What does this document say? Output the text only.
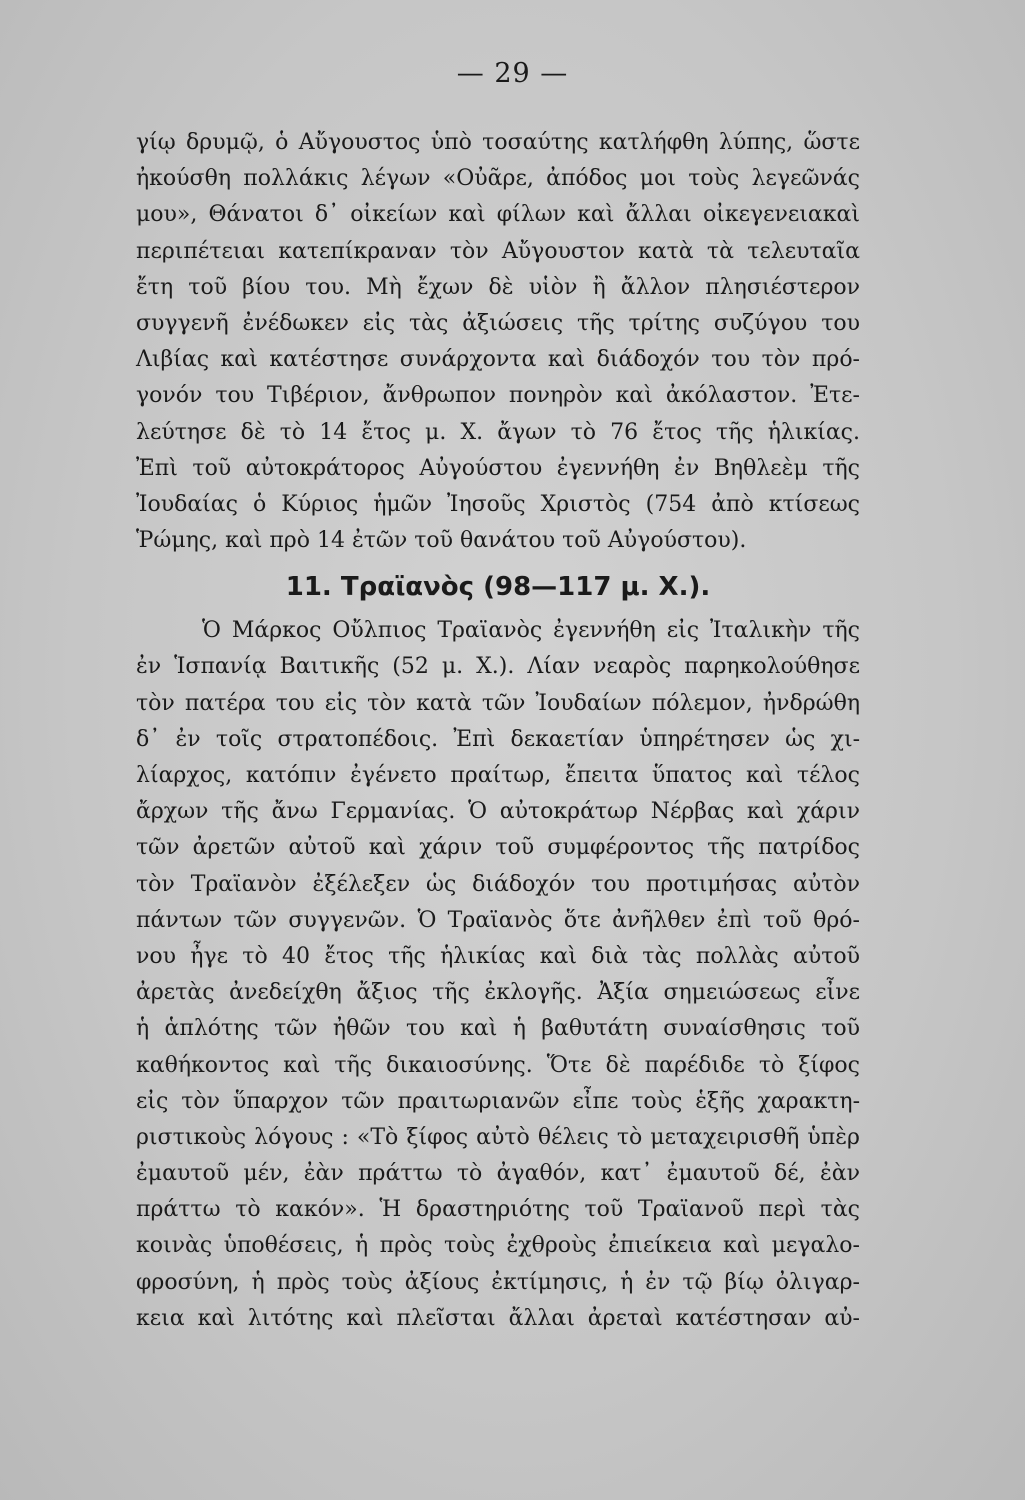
— 29 —
γίῳ δρυμῷ, ὁ Αὔγουστος ὑπὸ τοσαύτης κατλήφθη λύπης, ὥστε
ἠκούσθη πολλάκις λέγων «Οὐᾶρε, ἀπόδος μοι τοὺς λεγεῶνάς
μου», Θάνατοι δ᾽ οἰκείων καὶ φίλων καὶ ἄλλαι οἰκεγενειακαὶ
περιπέτειαι κατεπίκραναν τὸν Αὔγουστον κατὰ τὰ τελευταῖα
ἔτη τοῦ βίου του. Μὴ ἔχων δὲ υἱὸν ἢ ἄλλον πλησιέστερον
συγγενῆ ἐνέδωκεν εἰς τὰς ἀξιώσεις τῆς τρίτης συζύγου του
Λιβίας καὶ κατέστησε συνάρχοντα καὶ διάδοχόν του τὸν πρό-
γονόν του Τιβέριον, ἄνθρωπον πονηρὸν καὶ ἀκόλαστον. Ἐτε-
λεύτησε δὲ τὸ 14 ἔτος μ. Χ. ἄγων τὸ 76 ἔτος τῆς ἡλικίας.
Ἐπὶ τοῦ αὐτοκράτορος Αὐγούστου ἐγεννήθη ἐν Βηθλεὲμ τῆς
Ἰουδαίας ὁ Κύριος ἡμῶν Ἰησοῦς Χριστὸς (754 ἀπὸ κτίσεως
Ῥώμης, καὶ πρὸ 14 ἐτῶν τοῦ θανάτου τοῦ Αὐγούστου).
11. Τραϊανὸς (98—117 μ. Χ.).
Ὁ Μάρκος Οὔλπιος Τραϊανὸς ἐγεννήθη εἰς Ἰταλικὴν τῆς
ἐν Ἱσπανίᾳ Βαιτικῆς (52 μ. Χ.). Λίαν νεαρὸς παρηκολούθησε
τὸν πατέρα του εἰς τὸν κατὰ τῶν Ἰουδαίων πόλεμον, ἠνδρώθη
δ᾽ ἐν τοῖς στρατοπέδοις. Ἐπὶ δεκαετίαν ὑπηρέτησεν ὡς χι-
λίαρχος, κατόπιν ἐγένετο πραίτωρ, ἔπειτα ὕπατος καὶ τέλος
ἄρχων τῆς ἄνω Γερμανίας. Ὁ αὐτοκράτωρ Νέρβας καὶ χάριν
τῶν ἀρετῶν αὐτοῦ καὶ χάριν τοῦ συμφέροντος τῆς πατρίδος
τὸν Τραϊανὸν ἐξέλεξεν ὡς διάδοχόν του προτιμήσας αὐτὸν
πάντων τῶν συγγενῶν. Ὁ Τραϊανὸς ὅτε ἀνῆλθεν ἐπὶ τοῦ θρό-
νου ἦγε τὸ 40 ἔτος τῆς ἡλικίας καὶ διὰ τὰς πολλὰς αὐτοῦ
ἀρετὰς ἀνεδείχθη ἄξιος τῆς ἐκλογῆς. Ἀξία σημειώσεως εἶνε
ἡ ἁπλότης τῶν ἠθῶν του καὶ ἡ βαθυτάτη συναίσθησις τοῦ
καθήκοντος καὶ τῆς δικαιοσύνης. Ὅτε δὲ παρέδιδε τὸ ξίφος
εἰς τὸν ὕπαρχον τῶν πραιτωριανῶν εἶπε τοὺς ἑξῆς χαρακτη-
ριστικοὺς λόγους : «Τὸ ξίφος αὐτὸ θέλεις τὸ μεταχειρισθῆ ὑπὲρ
ἐμαυτοῦ μέν, ἐὰν πράττω τὸ ἀγαθόν, κατ᾽ ἐμαυτοῦ δέ, ἐὰν
πράττω τὸ κακόν». Ἡ δραστηριότης τοῦ Τραϊανοῦ περὶ τὰς
κοινὰς ὑποθέσεις, ἡ πρὸς τοὺς ἐχθροὺς ἐπιείκεια καὶ μεγαλο-
φροσύνη, ἡ πρὸς τοὺς ἀξίους ἐκτίμησις, ἡ ἐν τῷ βίῳ ὀλιγαρ-
κεια καὶ λιτότης καὶ πλεῖσται ἄλλαι ἀρεταὶ κατέστησαν αὐ-
